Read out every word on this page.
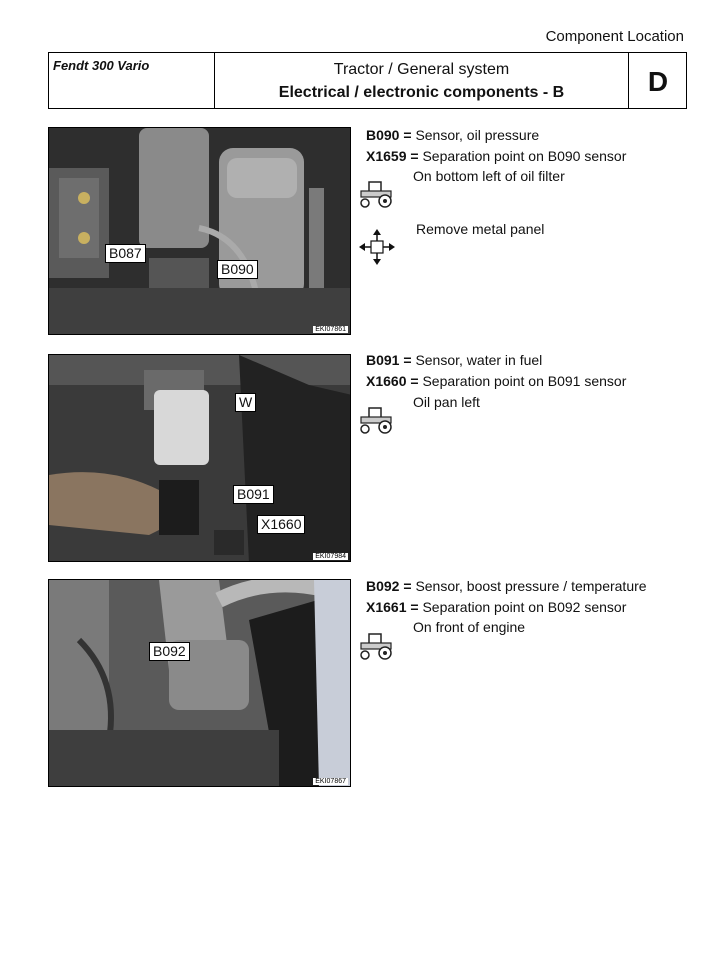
Component Location
Fendt 300 Vario	Tractor / General system
Electrical / electronic components - B	D
B087
B090
EKI07861
B090 = Sensor, oil pressure
X1659 = Separation point on B090 sensor
On bottom left of oil filter
Remove metal panel
W
B091
X1660
EKI07984
B091 = Sensor, water in fuel
X1660 = Separation point on B091 sensor
Oil pan left
B092
EKI07867
B092 = Sensor, boost pressure / temperature
X1661 = Separation point on B092 sensor
On front of engine
